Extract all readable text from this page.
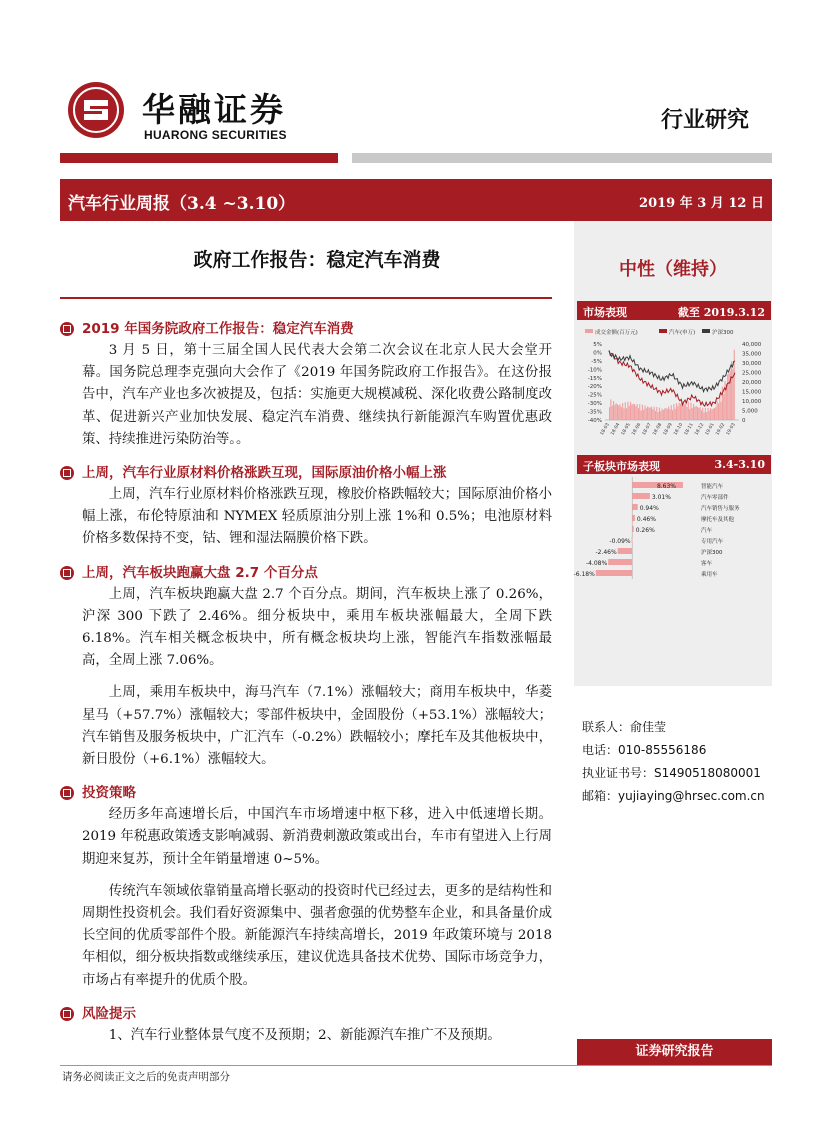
华融证券
HUARONG SECURITIES
行业研究
汽车行业周报（3.4 ~3.10）	2019 年 3 月 12 日
政府工作报告：稳定汽车消费	中性（维持）
市场表现	截至 2019.3.12
成交金额(百万元)	汽车(申万)	沪深300
5%
0%
-5%
-10%
-15%
-20%
-25%
-30%
-35%
-40%
40,000
35,000
30,000
25,000
20,000
15,000
10,000
5,000
0
18-03 18-04 18-05 18-06 18-07 18-08 18-09 18-10 18-11 18-12 19-01 19-02 19-03
子板块市场表现	3.4-3.10
8.63%	智能汽车
3.01%	汽车零部件
0.94%	汽车销售与服务
0.46%	摩托车及其他
0.26%	汽车
-0.09%	专用汽车
-2.46%	沪深300
-4.08%	客车
-6.18%	乘用车
2019 年国务院政府工作报告：稳定汽车消费

3 月 5 日，第十三届全国人民代表大会第二次会议在北京人民大会堂开幕。国务院总理李克强向大会作了《2019 年国务院政府工作报告》。在这份报告中，汽车产业也多次被提及，包括：实施更大规模减税、深化收费公路制度改革、促进新兴产业加快发展、稳定汽车消费、继续执行新能源汽车购置优惠政策、持续推进污染防治等。。

上周，汽车行业原材料价格涨跌互现，国际原油价格小幅上涨

上周，汽车行业原材料价格涨跌互现，橡胶价格跌幅较大；国际原油价格小幅上涨，布伦特原油和 NYMEX 轻质原油分别上涨 1%和 0.5%；电池原材料价格多数保持不变，钴、锂和湿法隔膜价格下跌。

上周，汽车板块跑赢大盘 2.7 个百分点

上周，汽车板块跑赢大盘 2.7 个百分点。期间，汽车板块上涨了 0.26%，沪深 300 下跌了 2.46%。细分板块中，乘用车板块涨幅最大，全周下跌 6.18%。汽车相关概念板块中，所有概念板块均上涨，智能汽车指数涨幅最高，全周上涨 7.06%。

上周，乘用车板块中，海马汽车（7.1%）涨幅较大；商用车板块中，华菱星马（+57.7%）涨幅较大；零部件板块中，金固股份（+53.1%）涨幅较大；汽车销售及服务板块中，广汇汽车（-0.2%）跌幅较小；摩托车及其他板块中，新日股份（+6.1%）涨幅较大。

投资策略

经历多年高速增长后，中国汽车市场增速中枢下移，进入中低速增长期。2019 年税惠政策透支影响减弱、新消费刺激政策或出台，车市有望进入上行周期迎来复苏，预计全年销量增速 0~5%。

传统汽车领域依靠销量高增长驱动的投资时代已经过去，更多的是结构性和周期性投资机会。我们看好资源集中、强者愈强的优势整车企业，和具备量价成长空间的优质零部件个股。新能源汽车持续高增长，2019 年政策环境与 2018 年相似，细分板块指数或继续承压，建议优选具备技术优势、国际市场竞争力，市场占有率提升的优质个股。

风险提示

1、汽车行业整体景气度不及预期；2、新能源汽车推广不及预期。

联系人：俞佳莹
电话：010-85556186
执业证书号：S1490518080001
邮箱：yujiaying@hrsec.com.cn
证券研究报告
请务必阅读正文之后的免责声明部分
